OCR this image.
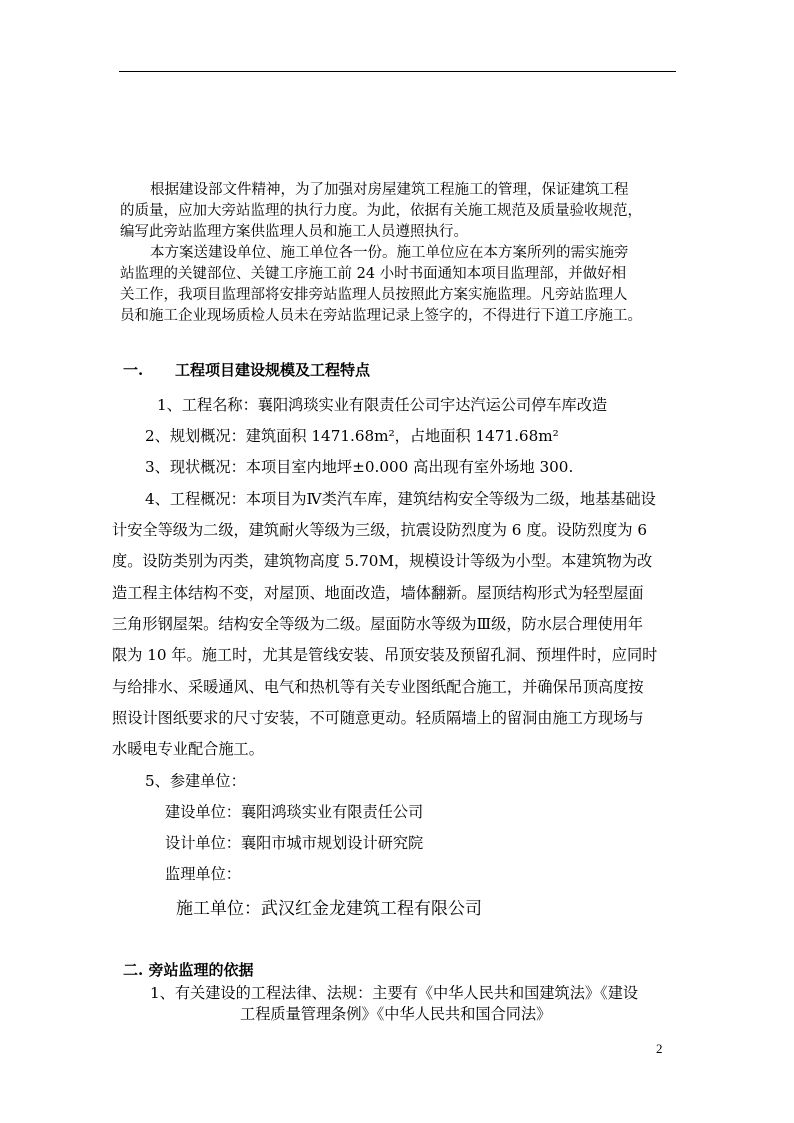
根据建设部文件精神，为了加强对房屋建筑工程施工的管理，保证建筑工程
的质量，应加大旁站监理的执行力度。为此，依据有关施工规范及质量验收规范，
编写此旁站监理方案供监理人员和施工人员遵照执行。
本方案送建设单位、施工单位各一份。施工单位应在本方案所列的需实施旁
站监理的关键部位、关键工序施工前 24 小时书面通知本项目监理部，并做好相
关工作，我项目监理部将安排旁站监理人员按照此方案实施监理。凡旁站监理人
员和施工企业现场质检人员未在旁站监理记录上签字的，不得进行下道工序施工。
一. 工程项目建设规模及工程特点
1、工程名称：襄阳鸿琰实业有限责任公司宇达汽运公司停车库改造
2、规划概况：建筑面积 1471.68m²，占地面积 1471.68m²
3、现状概况：本项目室内地坪±0.000 高出现有室外场地 300.
4、工程概况：本项目为Ⅳ类汽车库，建筑结构安全等级为二级，地基基础设
计安全等级为二级，建筑耐火等级为三级，抗震设防烈度为 6 度。设防烈度为 6
度。设防类别为丙类，建筑物高度 5.70M，规模设计等级为小型。本建筑物为改
造工程主体结构不变，对屋顶、地面改造，墙体翻新。屋顶结构形式为轻型屋面
三角形钢屋架。结构安全等级为二级。屋面防水等级为Ⅲ级，防水层合理使用年
限为 10 年。施工时，尤其是管线安装、吊顶安装及预留孔洞、预埋件时，应同时
与给排水、采暖通风、电气和热机等有关专业图纸配合施工，并确保吊顶高度按
照设计图纸要求的尺寸安装，不可随意更动。轻质隔墙上的留洞由施工方现场与
水暖电专业配合施工。
5、参建单位：
建设单位：襄阳鸿琰实业有限责任公司
设计单位：襄阳市城市规划设计研究院
监理单位：
施工单位：武汉红金龙建筑工程有限公司
二. 旁站监理的依据
1、有关建设的工程法律、法规：主要有《中华人民共和国建筑法》《建设
工程质量管理条例》《中华人民共和国合同法》
2
